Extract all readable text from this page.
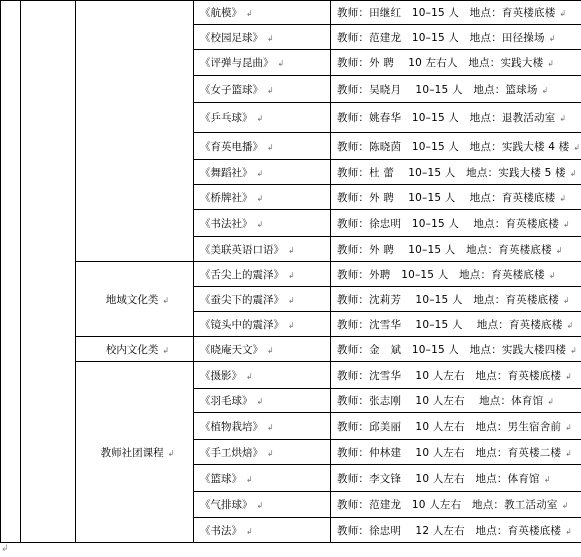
			《航模》 ↲	教师：田继红　10–15 人　地点：育英楼底楼 ↲
			《校园足球》 ↲	教师：范建龙　10–15 人　地点：田径操场 ↲
			《评弹与昆曲》 ↲	教师：外 聘　 10 左右人　地点：实践大楼 ↲
			《女子篮球》 ↲	教师：吴晓月　 10–15 人　地点：篮球场 ↲
			《乒乓球》 ↲	教师：姚春华　10–15 人　地点：退教活动室 ↲
			《育英电播》 ↲	教师：陈晓茵　10–15 人　地点：实践大楼 4 楼 ↲
			《舞蹈社》 ↲	教师：杜 蕾　 10–15 人　地点：实践大楼 5 楼 ↲
			《桥牌社》 ↲	教师：外 聘　 10–15 人　 地点：育英楼底楼 ↲
			《书法社》 ↲	教师：徐忠明　10–15 人　 地点：育英楼底楼 ↲
			《美联英语口语》 ↲	教师：外 聘　 10–15 人　地点：育英楼底楼 ↲
		地域文化类 ↲	《舌尖上的震泽》 ↲	教师：外聘　10–15 人　地点：育英楼底楼 ↲
			《蚕尖下的震泽》 ↲	教师：沈莉芳　 10–15 人　地点：育英楼底楼 ↲
			《镜头中的震泽》 ↲	教师：沈雪华　 10–15 人　 地点：育英楼底楼 ↲
		校内文化类 ↲	《晓庵天文》 ↲	教师：金　斌　10–15 人　地点：实践大楼四楼 ↲
		教师社团课程 ↲	《摄影》 ↲	教师：沈雪华　 10 人左右　地点：育英楼底楼 ↲
			《羽毛球》 ↲	教师：张志刚　 10 人左右　 地点：体育馆 ↲
			《植物栽培》 ↲	教师：邱美丽　 10 人左右　地点：男生宿舍前 ↲
			《手工烘焙》 ↲	教师：仲林建　 10 人左右　地点：育英楼二楼 ↲
			《篮球》 ↲	教师：李文锋　 10 人左右　地点：体育馆 ↲
			《气排球》 ↲	教师：范建龙　10 人左右　地点：教工活动室 ↲
			《书法》 ↲	教师：徐忠明　 12 人左右　地点：育英楼底楼 ↲
↲
